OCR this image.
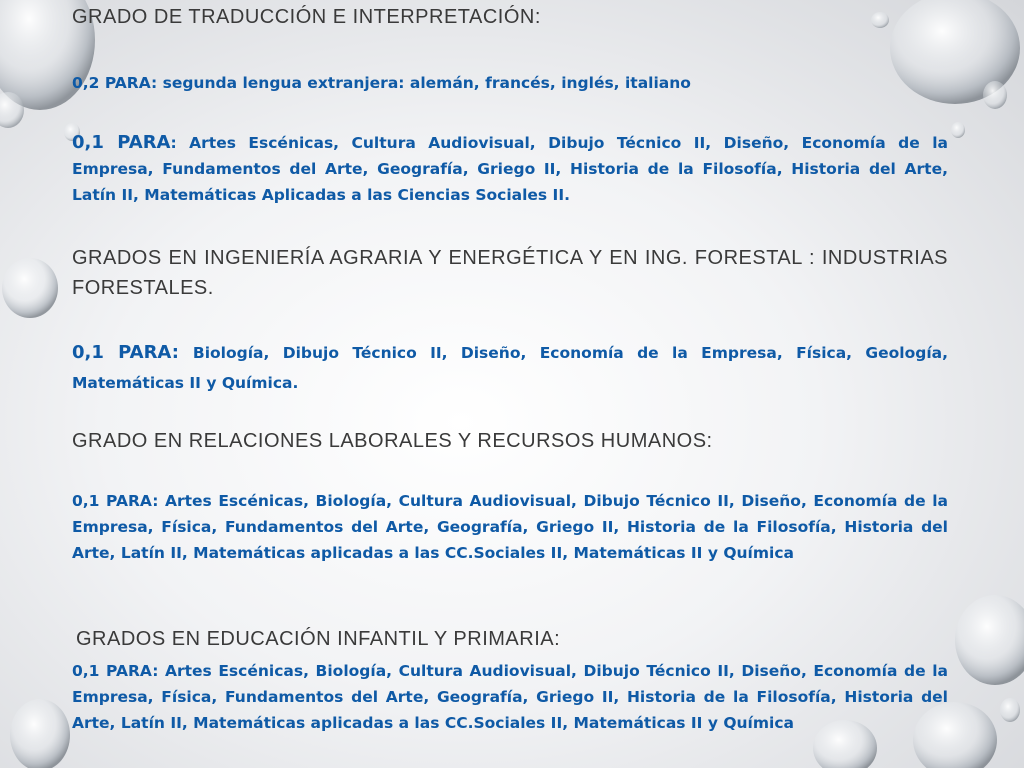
GRADO DE TRADUCCIÓN E INTERPRETACIÓN:
0,2 PARA: segunda lengua extranjera: alemán, francés, inglés, italiano
0,1 PARA: Artes Escénicas, Cultura Audiovisual, Dibujo Técnico II, Diseño, Economía de la Empresa, Fundamentos del Arte, Geografía, Griego II, Historia de la Filosofía, Historia del Arte, Latín II, Matemáticas Aplicadas a las Ciencias Sociales II.
GRADOS EN INGENIERÍA AGRARIA Y ENERGÉTICA Y EN ING. FORESTAL : INDUSTRIAS FORESTALES.
0,1 PARA: Biología, Dibujo Técnico II, Diseño, Economía de la Empresa, Física, Geología, Matemáticas II y Química.
GRADO EN RELACIONES LABORALES Y RECURSOS HUMANOS:
0,1 PARA: Artes Escénicas, Biología, Cultura Audiovisual, Dibujo Técnico II, Diseño, Economía de la Empresa, Física, Fundamentos del Arte, Geografía, Griego II, Historia de la Filosofía, Historia del Arte, Latín II, Matemáticas aplicadas a las CC.Sociales II, Matemáticas II y Química
GRADOS EN EDUCACIÓN INFANTIL Y PRIMARIA:
0,1 PARA: Artes Escénicas, Biología, Cultura Audiovisual, Dibujo Técnico II, Diseño, Economía de la Empresa, Física, Fundamentos del Arte, Geografía, Griego II, Historia de la Filosofía, Historia del Arte, Latín II, Matemáticas aplicadas a las CC.Sociales II, Matemáticas II y Química
